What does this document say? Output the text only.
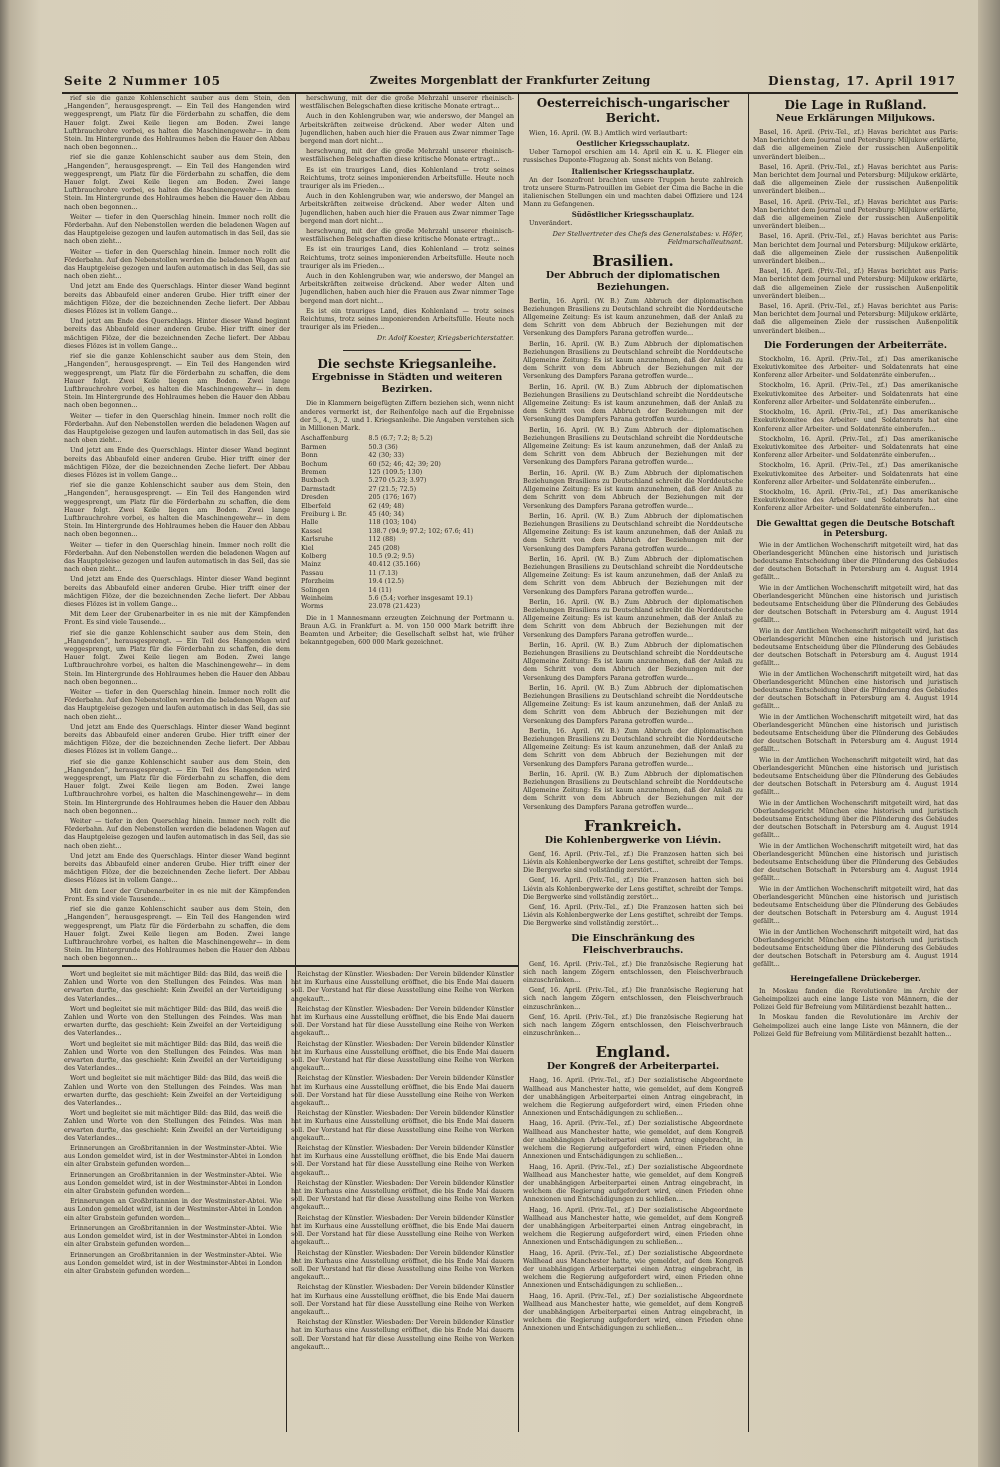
Seite 2 Nummer 105	Zweites Morgenblatt der Frankfurter Zeitung	Dienstag, 17. April 1917

rief sie die ganze Kohlenschicht sauber aus dem Stein, den „Hangenden“, herausgesprengt. — Ein Teil des Hangenden wird weggesprengt, um Platz für die Förderbahn zu schaffen, die dem Hauer folgt. Zwei Keile liegen am Boden. Zwei lange Luftbrauchrohre vorbei, es halten die Maschinengewehr— in dem Stein. Im Hintergrunde des Hohlraumes heben die Hauer den Abbau nach oben begonnen...

rief sie die ganze Kohlenschicht sauber aus dem Stein, den „Hangenden“, herausgesprengt. — Ein Teil des Hangenden wird weggesprengt, um Platz für die Förderbahn zu schaffen, die dem Hauer folgt. Zwei Keile liegen am Boden. Zwei lange Luftbrauchrohre vorbei, es halten die Maschinengewehr— in dem Stein. Im Hintergrunde des Hohlraumes heben die Hauer den Abbau nach oben begonnen...

Weiter — tiefer in den Querschlag hinein. Immer noch rollt die Förderbahn. Auf den Nebenstollen werden die beladenen Wagen auf das Hauptgeleise gezogen und laufen automatisch in das Seil, das sie nach oben zieht...

Weiter — tiefer in den Querschlag hinein. Immer noch rollt die Förderbahn. Auf den Nebenstollen werden die beladenen Wagen auf das Hauptgeleise gezogen und laufen automatisch in das Seil, das sie nach oben zieht...

Und jetzt am Ende des Querschlags. Hinter dieser Wand beginnt bereits das Abbaufeld einer anderen Grube. Hier trifft einer der mächtigen Flöze, der die bezeichnenden Zeche liefert. Der Abbau dieses Flözes ist in vollem Gange...

Und jetzt am Ende des Querschlags. Hinter dieser Wand beginnt bereits das Abbaufeld einer anderen Grube. Hier trifft einer der mächtigen Flöze, der die bezeichnenden Zeche liefert. Der Abbau dieses Flözes ist in vollem Gange...

rief sie die ganze Kohlenschicht sauber aus dem Stein, den „Hangenden“, herausgesprengt. — Ein Teil des Hangenden wird weggesprengt, um Platz für die Förderbahn zu schaffen, die dem Hauer folgt. Zwei Keile liegen am Boden. Zwei lange Luftbrauchrohre vorbei, es halten die Maschinengewehr— in dem Stein. Im Hintergrunde des Hohlraumes heben die Hauer den Abbau nach oben begonnen...

Weiter — tiefer in den Querschlag hinein. Immer noch rollt die Förderbahn. Auf den Nebenstollen werden die beladenen Wagen auf das Hauptgeleise gezogen und laufen automatisch in das Seil, das sie nach oben zieht...

Und jetzt am Ende des Querschlags. Hinter dieser Wand beginnt bereits das Abbaufeld einer anderen Grube. Hier trifft einer der mächtigen Flöze, der die bezeichnenden Zeche liefert. Der Abbau dieses Flözes ist in vollem Gange...

rief sie die ganze Kohlenschicht sauber aus dem Stein, den „Hangenden“, herausgesprengt. — Ein Teil des Hangenden wird weggesprengt, um Platz für die Förderbahn zu schaffen, die dem Hauer folgt. Zwei Keile liegen am Boden. Zwei lange Luftbrauchrohre vorbei, es halten die Maschinengewehr— in dem Stein. Im Hintergrunde des Hohlraumes heben die Hauer den Abbau nach oben begonnen...

Weiter — tiefer in den Querschlag hinein. Immer noch rollt die Förderbahn. Auf den Nebenstollen werden die beladenen Wagen auf das Hauptgeleise gezogen und laufen automatisch in das Seil, das sie nach oben zieht...

Und jetzt am Ende des Querschlags. Hinter dieser Wand beginnt bereits das Abbaufeld einer anderen Grube. Hier trifft einer der mächtigen Flöze, der die bezeichnenden Zeche liefert. Der Abbau dieses Flözes ist in vollem Gange...

Mit dem Leer der Grubenarbeiter in es nie mit der Kämpfenden Front. Es sind viele Tausende...

rief sie die ganze Kohlenschicht sauber aus dem Stein, den „Hangenden“, herausgesprengt. — Ein Teil des Hangenden wird weggesprengt, um Platz für die Förderbahn zu schaffen, die dem Hauer folgt. Zwei Keile liegen am Boden. Zwei lange Luftbrauchrohre vorbei, es halten die Maschinengewehr— in dem Stein. Im Hintergrunde des Hohlraumes heben die Hauer den Abbau nach oben begonnen...

Weiter — tiefer in den Querschlag hinein. Immer noch rollt die Förderbahn. Auf den Nebenstollen werden die beladenen Wagen auf das Hauptgeleise gezogen und laufen automatisch in das Seil, das sie nach oben zieht...

Und jetzt am Ende des Querschlags. Hinter dieser Wand beginnt bereits das Abbaufeld einer anderen Grube. Hier trifft einer der mächtigen Flöze, der die bezeichnenden Zeche liefert. Der Abbau dieses Flözes ist in vollem Gange...

rief sie die ganze Kohlenschicht sauber aus dem Stein, den „Hangenden“, herausgesprengt. — Ein Teil des Hangenden wird weggesprengt, um Platz für die Förderbahn zu schaffen, die dem Hauer folgt. Zwei Keile liegen am Boden. Zwei lange Luftbrauchrohre vorbei, es halten die Maschinengewehr— in dem Stein. Im Hintergrunde des Hohlraumes heben die Hauer den Abbau nach oben begonnen...

Weiter — tiefer in den Querschlag hinein. Immer noch rollt die Förderbahn. Auf den Nebenstollen werden die beladenen Wagen auf das Hauptgeleise gezogen und laufen automatisch in das Seil, das sie nach oben zieht...

Und jetzt am Ende des Querschlags. Hinter dieser Wand beginnt bereits das Abbaufeld einer anderen Grube. Hier trifft einer der mächtigen Flöze, der die bezeichnenden Zeche liefert. Der Abbau dieses Flözes ist in vollem Gange...

Mit dem Leer der Grubenarbeiter in es nie mit der Kämpfenden Front. Es sind viele Tausende...

rief sie die ganze Kohlenschicht sauber aus dem Stein, den „Hangenden“, herausgesprengt. — Ein Teil des Hangenden wird weggesprengt, um Platz für die Förderbahn zu schaffen, die dem Hauer folgt. Zwei Keile liegen am Boden. Zwei lange Luftbrauchrohre vorbei, es halten die Maschinengewehr— in dem Stein. Im Hintergrunde des Hohlraumes heben die Hauer den Abbau nach oben begonnen...

herschwung, mit der die große Mehrzahl unserer rheinisch-westfälischen Belegschaften diese kritische Monate ertragt...

Auch in den Kohlengruben war, wie anderswo, der Mangel an Arbeitskräften zeitweise drückend. Aber weder Alten und Jugendlichen, haben auch hier die Frauen aus Zwar nimmer Tage bergend man dort nicht...

herschwung, mit der die große Mehrzahl unserer rheinisch-westfälischen Belegschaften diese kritische Monate ertragt...

Es ist ein trauriges Land, dies Kohlenland — trotz seines Reichtums, trotz seines imponierenden Arbeitsfülle. Heute noch trauriger als im Frieden...

Auch in den Kohlengruben war, wie anderswo, der Mangel an Arbeitskräften zeitweise drückend. Aber weder Alten und Jugendlichen, haben auch hier die Frauen aus Zwar nimmer Tage bergend man dort nicht...

herschwung, mit der die große Mehrzahl unserer rheinisch-westfälischen Belegschaften diese kritische Monate ertragt...

Es ist ein trauriges Land, dies Kohlenland — trotz seines Reichtums, trotz seines imponierenden Arbeitsfülle. Heute noch trauriger als im Frieden...

Auch in den Kohlengruben war, wie anderswo, der Mangel an Arbeitskräften zeitweise drückend. Aber weder Alten und Jugendlichen, haben auch hier die Frauen aus Zwar nimmer Tage bergend man dort nicht...

Es ist ein trauriges Land, dies Kohlenland — trotz seines Reichtums, trotz seines imponierenden Arbeitsfülle. Heute noch trauriger als im Frieden...

Dr. Adolf Koester, Kriegsberichterstatter.
Die sechste Kriegsanleihe.
Ergebnisse in Städten und weiteren Bezirken.

Die in Klammern beigefügten Ziffern beziehen sich, wenn nicht anderes vermerkt ist, der Reihenfolge nach auf die Ergebnisse der 5., 4., 3., 2. und 1. Kriegsanleihe. Die Angaben verstehen sich in Millionen Mark.

Aschaffenburg	8.5 (6.7; 7.2; 8; 5.2)
Barmen	50.3 (36)
Bonn	42 (30; 33)
Bochum	60 (52; 46; 42; 39; 20)
Bremen	125 (109.5; 130)
Buxbach	5.270 (5.23; 3.97)
Darmstadt	27 (21.5; 72.5)
Dresden	205 (176; 167)
Elberfeld	62 (49; 48)
Freiburg i. Br.	45 (40; 34)
Halle	118 (103; 104)
Kassel	138.7 (94.9; 97.2; 102; 67.6; 41)
Karlsruhe	112 (88)
Kiel	245 (208)
Kolberg	10.5 (9.2; 9.5)
Mainz	40.412 (35.166)
Passau	11 (7.13)
Pforzheim	19.4 (12.5)
Solingen	14 (11)
Weinheim	5.6 (5.4; vorher insgesamt 19.1)
Worms	23.078 (21.423)

Die in 1 Mannesmann erzeugten Zeichnung der Portmann u. Braun A.G. in Frankfurt a. M. von 150 000 Mark betrifft ihre Beamten und Arbeiter; die Gesellschaft selbst hat, wie früher bekanntgegeben, 600 000 Mark gezeichnet.

Oesterreichisch-ungarischer Bericht.

Wien, 16. April. (W. B.) Amtlich wird verlautbart:

Oestlicher Kriegsschauplatz.

Ueber Tarnopol erschien am 14. April ein K. u. K. Flieger ein russisches Duponte-Flugzeug ab. Sonst nichts von Belang.

Italienischer Kriegsschauplatz.

An der Isonzofront brachten unsere Truppen heute zahlreich trotz unsere Sturm-Patrouillen im Gebiet der Cima die Bache in die italienischen Stellungen ein und machten dabei Offiziere und 124 Mann zu Gefangenen.

Südöstlicher Kriegsschauplatz.

Unverändert.

Der Stellvertreter des Chefs des Generalstabes: v. Höfer, Feldmarschalleutnant.
Brasilien.
Der Abbruch der diplomatischen Beziehungen.

Berlin, 16. April. (W. B.) Zum Abbruch der diplomatischen Beziehungen Brasiliens zu Deutschland schreibt die Norddeutsche Allgemeine Zeitung: Es ist kaum anzunehmen, daß der Anlaß zu dem Schritt von dem Abbruch der Beziehungen mit der Versenkung des Dampfers Parana getroffen wurde...

Berlin, 16. April. (W. B.) Zum Abbruch der diplomatischen Beziehungen Brasiliens zu Deutschland schreibt die Norddeutsche Allgemeine Zeitung: Es ist kaum anzunehmen, daß der Anlaß zu dem Schritt von dem Abbruch der Beziehungen mit der Versenkung des Dampfers Parana getroffen wurde...

Berlin, 16. April. (W. B.) Zum Abbruch der diplomatischen Beziehungen Brasiliens zu Deutschland schreibt die Norddeutsche Allgemeine Zeitung: Es ist kaum anzunehmen, daß der Anlaß zu dem Schritt von dem Abbruch der Beziehungen mit der Versenkung des Dampfers Parana getroffen wurde...

Berlin, 16. April. (W. B.) Zum Abbruch der diplomatischen Beziehungen Brasiliens zu Deutschland schreibt die Norddeutsche Allgemeine Zeitung: Es ist kaum anzunehmen, daß der Anlaß zu dem Schritt von dem Abbruch der Beziehungen mit der Versenkung des Dampfers Parana getroffen wurde...

Berlin, 16. April. (W. B.) Zum Abbruch der diplomatischen Beziehungen Brasiliens zu Deutschland schreibt die Norddeutsche Allgemeine Zeitung: Es ist kaum anzunehmen, daß der Anlaß zu dem Schritt von dem Abbruch der Beziehungen mit der Versenkung des Dampfers Parana getroffen wurde...

Berlin, 16. April. (W. B.) Zum Abbruch der diplomatischen Beziehungen Brasiliens zu Deutschland schreibt die Norddeutsche Allgemeine Zeitung: Es ist kaum anzunehmen, daß der Anlaß zu dem Schritt von dem Abbruch der Beziehungen mit der Versenkung des Dampfers Parana getroffen wurde...

Berlin, 16. April. (W. B.) Zum Abbruch der diplomatischen Beziehungen Brasiliens zu Deutschland schreibt die Norddeutsche Allgemeine Zeitung: Es ist kaum anzunehmen, daß der Anlaß zu dem Schritt von dem Abbruch der Beziehungen mit der Versenkung des Dampfers Parana getroffen wurde...

Berlin, 16. April. (W. B.) Zum Abbruch der diplomatischen Beziehungen Brasiliens zu Deutschland schreibt die Norddeutsche Allgemeine Zeitung: Es ist kaum anzunehmen, daß der Anlaß zu dem Schritt von dem Abbruch der Beziehungen mit der Versenkung des Dampfers Parana getroffen wurde...

Berlin, 16. April. (W. B.) Zum Abbruch der diplomatischen Beziehungen Brasiliens zu Deutschland schreibt die Norddeutsche Allgemeine Zeitung: Es ist kaum anzunehmen, daß der Anlaß zu dem Schritt von dem Abbruch der Beziehungen mit der Versenkung des Dampfers Parana getroffen wurde...

Berlin, 16. April. (W. B.) Zum Abbruch der diplomatischen Beziehungen Brasiliens zu Deutschland schreibt die Norddeutsche Allgemeine Zeitung: Es ist kaum anzunehmen, daß der Anlaß zu dem Schritt von dem Abbruch der Beziehungen mit der Versenkung des Dampfers Parana getroffen wurde...

Berlin, 16. April. (W. B.) Zum Abbruch der diplomatischen Beziehungen Brasiliens zu Deutschland schreibt die Norddeutsche Allgemeine Zeitung: Es ist kaum anzunehmen, daß der Anlaß zu dem Schritt von dem Abbruch der Beziehungen mit der Versenkung des Dampfers Parana getroffen wurde...

Berlin, 16. April. (W. B.) Zum Abbruch der diplomatischen Beziehungen Brasiliens zu Deutschland schreibt die Norddeutsche Allgemeine Zeitung: Es ist kaum anzunehmen, daß der Anlaß zu dem Schritt von dem Abbruch der Beziehungen mit der Versenkung des Dampfers Parana getroffen wurde...

Frankreich.
Die Kohlenbergwerke von Liévin.

Genf, 16. April. (Priv.-Tel., zf.) Die Franzosen hatten sich bei Liévin als Kohlenbergwerke der Lens gestiftet, schreibt der Temps. Die Bergwerke sind vollständig zerstört...

Genf, 16. April. (Priv.-Tel., zf.) Die Franzosen hatten sich bei Liévin als Kohlenbergwerke der Lens gestiftet, schreibt der Temps. Die Bergwerke sind vollständig zerstört...

Genf, 16. April. (Priv.-Tel., zf.) Die Franzosen hatten sich bei Liévin als Kohlenbergwerke der Lens gestiftet, schreibt der Temps. Die Bergwerke sind vollständig zerstört...

Die Einschränkung des Fleischverbrauchs.

Genf, 16. April. (Priv.-Tel., zf.) Die französische Regierung hat sich nach langem Zögern entschlossen, den Fleischverbrauch einzuschränken...

Genf, 16. April. (Priv.-Tel., zf.) Die französische Regierung hat sich nach langem Zögern entschlossen, den Fleischverbrauch einzuschränken...

Genf, 16. April. (Priv.-Tel., zf.) Die französische Regierung hat sich nach langem Zögern entschlossen, den Fleischverbrauch einzuschränken...

England.
Der Kongreß der Arbeiterpartei.

Haag, 16. April. (Priv.-Tel., zf.) Der sozialistische Abgeordnete Wallhead aus Manchester hatte, wie gemeldet, auf dem Kongreß der unabhängigen Arbeiterpartei einen Antrag eingebracht, in welchem die Regierung aufgefordert wird, einen Frieden ohne Annexionen und Entschädigungen zu schließen...

Haag, 16. April. (Priv.-Tel., zf.) Der sozialistische Abgeordnete Wallhead aus Manchester hatte, wie gemeldet, auf dem Kongreß der unabhängigen Arbeiterpartei einen Antrag eingebracht, in welchem die Regierung aufgefordert wird, einen Frieden ohne Annexionen und Entschädigungen zu schließen...

Haag, 16. April. (Priv.-Tel., zf.) Der sozialistische Abgeordnete Wallhead aus Manchester hatte, wie gemeldet, auf dem Kongreß der unabhängigen Arbeiterpartei einen Antrag eingebracht, in welchem die Regierung aufgefordert wird, einen Frieden ohne Annexionen und Entschädigungen zu schließen...

Haag, 16. April. (Priv.-Tel., zf.) Der sozialistische Abgeordnete Wallhead aus Manchester hatte, wie gemeldet, auf dem Kongreß der unabhängigen Arbeiterpartei einen Antrag eingebracht, in welchem die Regierung aufgefordert wird, einen Frieden ohne Annexionen und Entschädigungen zu schließen...

Haag, 16. April. (Priv.-Tel., zf.) Der sozialistische Abgeordnete Wallhead aus Manchester hatte, wie gemeldet, auf dem Kongreß der unabhängigen Arbeiterpartei einen Antrag eingebracht, in welchem die Regierung aufgefordert wird, einen Frieden ohne Annexionen und Entschädigungen zu schließen...

Haag, 16. April. (Priv.-Tel., zf.) Der sozialistische Abgeordnete Wallhead aus Manchester hatte, wie gemeldet, auf dem Kongreß der unabhängigen Arbeiterpartei einen Antrag eingebracht, in welchem die Regierung aufgefordert wird, einen Frieden ohne Annexionen und Entschädigungen zu schließen...

Die Lage in Rußland.
Neue Erklärungen Miljukows.

Basel, 16. April. (Priv.-Tel., zf.) Havas berichtet aus Paris: Man berichtet dem Journal und Petersburg: Miljukow erklärte, daß die allgemeinen Ziele der russischen Außenpolitik unverändert bleiben...

Basel, 16. April. (Priv.-Tel., zf.) Havas berichtet aus Paris: Man berichtet dem Journal und Petersburg: Miljukow erklärte, daß die allgemeinen Ziele der russischen Außenpolitik unverändert bleiben...

Basel, 16. April. (Priv.-Tel., zf.) Havas berichtet aus Paris: Man berichtet dem Journal und Petersburg: Miljukow erklärte, daß die allgemeinen Ziele der russischen Außenpolitik unverändert bleiben...

Basel, 16. April. (Priv.-Tel., zf.) Havas berichtet aus Paris: Man berichtet dem Journal und Petersburg: Miljukow erklärte, daß die allgemeinen Ziele der russischen Außenpolitik unverändert bleiben...

Basel, 16. April. (Priv.-Tel., zf.) Havas berichtet aus Paris: Man berichtet dem Journal und Petersburg: Miljukow erklärte, daß die allgemeinen Ziele der russischen Außenpolitik unverändert bleiben...

Basel, 16. April. (Priv.-Tel., zf.) Havas berichtet aus Paris: Man berichtet dem Journal und Petersburg: Miljukow erklärte, daß die allgemeinen Ziele der russischen Außenpolitik unverändert bleiben...

Die Forderungen der Arbeiterräte.

Stockholm, 16. April. (Priv.-Tel., zf.) Das amerikanische Exekutivkomitee des Arbeiter- und Soldatenrats hat eine Konferenz aller Arbeiter- und Soldatenräte einberufen...

Stockholm, 16. April. (Priv.-Tel., zf.) Das amerikanische Exekutivkomitee des Arbeiter- und Soldatenrats hat eine Konferenz aller Arbeiter- und Soldatenräte einberufen...

Stockholm, 16. April. (Priv.-Tel., zf.) Das amerikanische Exekutivkomitee des Arbeiter- und Soldatenrats hat eine Konferenz aller Arbeiter- und Soldatenräte einberufen...

Stockholm, 16. April. (Priv.-Tel., zf.) Das amerikanische Exekutivkomitee des Arbeiter- und Soldatenrats hat eine Konferenz aller Arbeiter- und Soldatenräte einberufen...

Stockholm, 16. April. (Priv.-Tel., zf.) Das amerikanische Exekutivkomitee des Arbeiter- und Soldatenrats hat eine Konferenz aller Arbeiter- und Soldatenräte einberufen...

Stockholm, 16. April. (Priv.-Tel., zf.) Das amerikanische Exekutivkomitee des Arbeiter- und Soldatenrats hat eine Konferenz aller Arbeiter- und Soldatenräte einberufen...

Die Gewalttat gegen die Deutsche Botschaft in Petersburg.

Wie in der Amtlichen Wochenschrift mitgeteilt wird, hat das Oberlandesgericht München eine historisch und juristisch bedeutsame Entscheidung über die Plünderung des Gebäudes der deutschen Botschaft in Petersburg am 4. August 1914 gefällt...

Wie in der Amtlichen Wochenschrift mitgeteilt wird, hat das Oberlandesgericht München eine historisch und juristisch bedeutsame Entscheidung über die Plünderung des Gebäudes der deutschen Botschaft in Petersburg am 4. August 1914 gefällt...

Wie in der Amtlichen Wochenschrift mitgeteilt wird, hat das Oberlandesgericht München eine historisch und juristisch bedeutsame Entscheidung über die Plünderung des Gebäudes der deutschen Botschaft in Petersburg am 4. August 1914 gefällt...

Wie in der Amtlichen Wochenschrift mitgeteilt wird, hat das Oberlandesgericht München eine historisch und juristisch bedeutsame Entscheidung über die Plünderung des Gebäudes der deutschen Botschaft in Petersburg am 4. August 1914 gefällt...

Wie in der Amtlichen Wochenschrift mitgeteilt wird, hat das Oberlandesgericht München eine historisch und juristisch bedeutsame Entscheidung über die Plünderung des Gebäudes der deutschen Botschaft in Petersburg am 4. August 1914 gefällt...

Wie in der Amtlichen Wochenschrift mitgeteilt wird, hat das Oberlandesgericht München eine historisch und juristisch bedeutsame Entscheidung über die Plünderung des Gebäudes der deutschen Botschaft in Petersburg am 4. August 1914 gefällt...

Wie in der Amtlichen Wochenschrift mitgeteilt wird, hat das Oberlandesgericht München eine historisch und juristisch bedeutsame Entscheidung über die Plünderung des Gebäudes der deutschen Botschaft in Petersburg am 4. August 1914 gefällt...

Wie in der Amtlichen Wochenschrift mitgeteilt wird, hat das Oberlandesgericht München eine historisch und juristisch bedeutsame Entscheidung über die Plünderung des Gebäudes der deutschen Botschaft in Petersburg am 4. August 1914 gefällt...

Wie in der Amtlichen Wochenschrift mitgeteilt wird, hat das Oberlandesgericht München eine historisch und juristisch bedeutsame Entscheidung über die Plünderung des Gebäudes der deutschen Botschaft in Petersburg am 4. August 1914 gefällt...

Wie in der Amtlichen Wochenschrift mitgeteilt wird, hat das Oberlandesgericht München eine historisch und juristisch bedeutsame Entscheidung über die Plünderung des Gebäudes der deutschen Botschaft in Petersburg am 4. August 1914 gefällt...

Hereingefallene Drückeberger.

In Moskau fanden die Revolutionäre im Archiv der Geheimpolizei auch eine lange Liste von Männern, die der Polizei Geld für Befreiung vom Militärdienst bezahlt hatten...

In Moskau fanden die Revolutionäre im Archiv der Geheimpolizei auch eine lange Liste von Männern, die der Polizei Geld für Befreiung vom Militärdienst bezahlt hatten...

Wort und begleitet sie mit mächtiger Bild: das Bild, das weiß die Zahlen und Worte von den Stellungen des Feindes. Was man erwarten durfte, das geschieht: Kein Zweifel an der Verteidigung des Vaterlandes...

Wort und begleitet sie mit mächtiger Bild: das Bild, das weiß die Zahlen und Worte von den Stellungen des Feindes. Was man erwarten durfte, das geschieht: Kein Zweifel an der Verteidigung des Vaterlandes...

Wort und begleitet sie mit mächtiger Bild: das Bild, das weiß die Zahlen und Worte von den Stellungen des Feindes. Was man erwarten durfte, das geschieht: Kein Zweifel an der Verteidigung des Vaterlandes...

Wort und begleitet sie mit mächtiger Bild: das Bild, das weiß die Zahlen und Worte von den Stellungen des Feindes. Was man erwarten durfte, das geschieht: Kein Zweifel an der Verteidigung des Vaterlandes...

Wort und begleitet sie mit mächtiger Bild: das Bild, das weiß die Zahlen und Worte von den Stellungen des Feindes. Was man erwarten durfte, das geschieht: Kein Zweifel an der Verteidigung des Vaterlandes...

Erinnerungen an Großbritannien in der Westminster-Abtei. Wie aus London gemeldet wird, ist in der Westminster-Abtei in London ein alter Grabstein gefunden worden...

Erinnerungen an Großbritannien in der Westminster-Abtei. Wie aus London gemeldet wird, ist in der Westminster-Abtei in London ein alter Grabstein gefunden worden...

Erinnerungen an Großbritannien in der Westminster-Abtei. Wie aus London gemeldet wird, ist in der Westminster-Abtei in London ein alter Grabstein gefunden worden...

Erinnerungen an Großbritannien in der Westminster-Abtei. Wie aus London gemeldet wird, ist in der Westminster-Abtei in London ein alter Grabstein gefunden worden...

Erinnerungen an Großbritannien in der Westminster-Abtei. Wie aus London gemeldet wird, ist in der Westminster-Abtei in London ein alter Grabstein gefunden worden...

Reichstag der Künstler. Wiesbaden: Der Verein bildender Künstler hat im Kurhaus eine Ausstellung eröffnet, die bis Ende Mai dauern soll. Der Vorstand hat für diese Ausstellung eine Reihe von Werken angekauft...

Reichstag der Künstler. Wiesbaden: Der Verein bildender Künstler hat im Kurhaus eine Ausstellung eröffnet, die bis Ende Mai dauern soll. Der Vorstand hat für diese Ausstellung eine Reihe von Werken angekauft...

Reichstag der Künstler. Wiesbaden: Der Verein bildender Künstler hat im Kurhaus eine Ausstellung eröffnet, die bis Ende Mai dauern soll. Der Vorstand hat für diese Ausstellung eine Reihe von Werken angekauft...

Reichstag der Künstler. Wiesbaden: Der Verein bildender Künstler hat im Kurhaus eine Ausstellung eröffnet, die bis Ende Mai dauern soll. Der Vorstand hat für diese Ausstellung eine Reihe von Werken angekauft...

Reichstag der Künstler. Wiesbaden: Der Verein bildender Künstler hat im Kurhaus eine Ausstellung eröffnet, die bis Ende Mai dauern soll. Der Vorstand hat für diese Ausstellung eine Reihe von Werken angekauft...

Reichstag der Künstler. Wiesbaden: Der Verein bildender Künstler hat im Kurhaus eine Ausstellung eröffnet, die bis Ende Mai dauern soll. Der Vorstand hat für diese Ausstellung eine Reihe von Werken angekauft...

Reichstag der Künstler. Wiesbaden: Der Verein bildender Künstler hat im Kurhaus eine Ausstellung eröffnet, die bis Ende Mai dauern soll. Der Vorstand hat für diese Ausstellung eine Reihe von Werken angekauft...

Reichstag der Künstler. Wiesbaden: Der Verein bildender Künstler hat im Kurhaus eine Ausstellung eröffnet, die bis Ende Mai dauern soll. Der Vorstand hat für diese Ausstellung eine Reihe von Werken angekauft...

Reichstag der Künstler. Wiesbaden: Der Verein bildender Künstler hat im Kurhaus eine Ausstellung eröffnet, die bis Ende Mai dauern soll. Der Vorstand hat für diese Ausstellung eine Reihe von Werken angekauft...

Reichstag der Künstler. Wiesbaden: Der Verein bildender Künstler hat im Kurhaus eine Ausstellung eröffnet, die bis Ende Mai dauern soll. Der Vorstand hat für diese Ausstellung eine Reihe von Werken angekauft...

Reichstag der Künstler. Wiesbaden: Der Verein bildender Künstler hat im Kurhaus eine Ausstellung eröffnet, die bis Ende Mai dauern soll. Der Vorstand hat für diese Ausstellung eine Reihe von Werken angekauft...
